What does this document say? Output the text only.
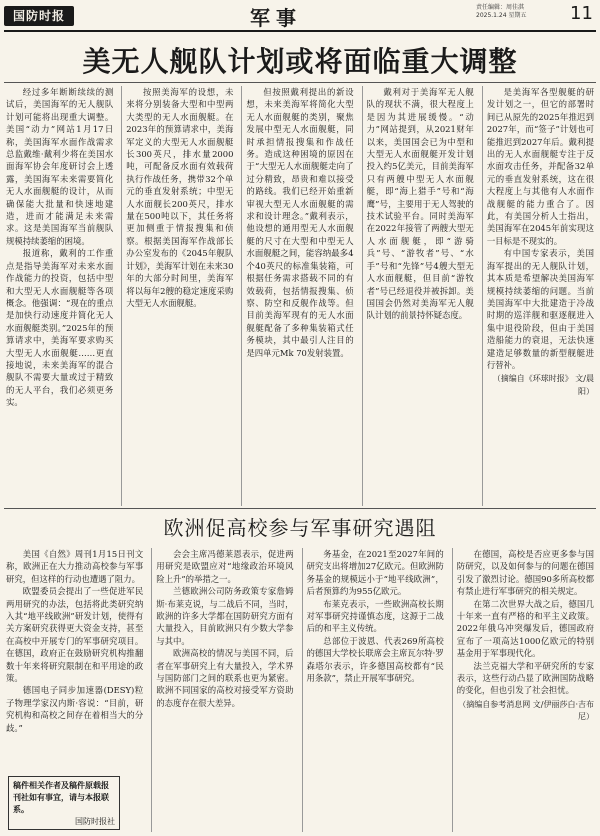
国防时报	军事	责任编辑：周佳淇
2025.1.24 星期五 11
美无人舰队计划或将面临重大调整

经过多年断断续续的测试后，美国海军的无人舰队计划可能将出现重大调整。美国“动力”网站1月17日称，美国海军水面作战需求总监戴维·戴利少将在美国水面海军协会年度研讨会上透露，美国海军未来需要简化无人水面舰艇的设计，从而确保能大批量和快速地建造，进而才能满足未来需求。这是美国海军当前舰队规模持续萎缩的困境。

报道称，戴利的工作重点是指导美海军对未来水面作战能力的投资，包括中型和大型无人水面舰艇等各项概念。他强调：“现在的重点是加快行动速度并简化无人水面舰艇类别。”2025年的预算请求中，美海军要求购买大型无人水面舰艇……更直接地说，未来美海军的混合舰队不需要大量或过于精致的无人平台，我们必须更务实。

按照美海军的设想，未来将分别装备大型和中型两大类型的无人水面舰艇。在2023年的预算请求中，美海军定义的大型无人水面舰艇长300英尺，排水量2000吨，可配备反水面有效载荷执行作战任务，携带32个单元的垂直发射系统；中型无人水面舰长200英尺，排水量在500吨以下，其任务将更加侧重于情报搜集和侦察。根据美国海军作战部长办公室发布的《2045年舰队计划》，美海军计划在未来30年的大部分时间里，美海军将以每年2艘的稳定速度采购大型无人水面舰艇。

但按照戴利提出的新设想，未来美海军将简化大型无人水面舰艇的类别，聚焦发展中型无人水面舰艇，同时承担情报搜集和作战任务。造成这种困境的原因在于“大型无人水面舰艇走向了过分精致，昂贵和难以接受的路线。我们已经开始重新审视大型无人水面舰艇的需求和设计理念。”戴利表示，他设想的通用型无人水面舰艇的尺寸在大型和中型无人水面舰艇之间，能容纳最多4个40英尺的标准集装箱，可根据任务需求搭载不同的有效载荷，包括情报搜集、侦察、防空和反舰作战等。但目前美海军现有的无人水面舰艇配备了多种集装箱式任务模块，其中最引人注目的是四单元Mk 70发射装置。

戴利对于美海军无人舰队的现状不满，很大程度上是因为其进展缓慢。“动力”网站提到，从2021财年以来，美国国会已为中型和大型无人水面舰艇开发计划投入约5亿美元，目前美海军只有两艘中型无人水面舰艇，即“海上猎手”号和“海鹰”号，主要用于无人驾驶的技术试验平台。同时美海军在2022年接管了两艘大型无人水面舰艇，即“游骑兵”号、“游牧者”号、“水手”号和“先锋”号4艘大型无人水面舰艇，但目前“游牧者”号已经退役并被拆卸。美国国会仍然对美海军无人舰队计划的前景持怀疑态度。

是美海军各型舰艇的研发计划之一，但它的部署时间已从原先的2025年推迟到2027年，而“签子”计划也可能推迟到2027年后。戴利提出的无人水面舰艇专注于反水面攻击任务，并配备32单元的垂直发射系统，这在很大程度上与其他有人水面作战舰艇的能力重合了。因此，有美国分析人士指出，美国海军在2045年前实现这一目标是不现实的。

有中国专家表示，美国海军提出的无人舰队计划，其本质是希望解决美国海军规模持续萎缩的问题。当前美国海军中大批建造于冷战时期的巡洋舰和驱逐舰进入集中退役阶段，但由于美国造船能力的衰退，无法快速建造足够数量的新型舰艇进行替补。

（摘编自《环球时报》 文/晨阳）
欧洲促高校参与军事研究遇阻

美国《自然》周刊1月15日刊文称，欧洲正在大力推动高校参与军事研究，但这样的行动也遭遇了阻力。

欧盟委员会提出了一些促进军民两用研究的办法，包括将此类研究纳入其“地平线欧洲”研发计划，使得有关方案研究获得更大资金支持，甚至在高校中开展专门的军事研究项目。在德国，政府正在鼓励研究机构推翻数十年来将研究限制在和平用途的政策。

德国电子同步加速器(DESY)粒子物理学家汉内斯·容说：“目前，研究机构和高校之间存在着相当大的分歧。”

会会主席冯德莱恩表示，促进两用研究是欧盟应对“地缘政治环境风险上升”的举措之一。

兰德欧洲公司防务政策专家詹姆斯·布莱克说，与二战后不同，当时，欧洲的许多大学都在国防研究方面有大量投入，目前欧洲只有少数大学参与其中。

欧洲高校的情况与美国不同，后者在军事研究上有大量投入，学术界与国防部门之间的联系也更为紧密。欧洲不同国家的高校对接受军方资助的态度存在很大差异。

务基金，在2021至2027年间的研究支出将增加27亿欧元。但欧洲防务基金的规模远小于“地平线欧洲”，后者预算约为955亿欧元。

布莱克表示，一些欧洲高校长期对军事研究持谨慎态度，这源于二战后的和平主义传统。

总部位于波恩、代表269所高校的德国大学校长联席会主席瓦尔特·罗森塔尔表示，许多德国高校都有“民用条款”，禁止开展军事研究。

在德国，高校是否应更多参与国防研究，以及如何参与的问题在德国引发了激烈讨论。德国90多所高校都有禁止进行军事研究的相关规定。

在第二次世界大战之后，德国几十年来一直有严格的和平主义政策。2022年俄乌冲突爆发后，德国政府宣布了一项高达1000亿欧元的特别基金用于军事现代化。

法兰克福大学和平研究所的专家表示，这些行动凸显了欧洲国防战略的变化，但也引发了社会担忧。

（摘编自参考消息网 文/伊丽莎白·吉布尼）
稿件相关作者及稿件原载报刊社如有事宜，请与本报联系。
国防时报社
